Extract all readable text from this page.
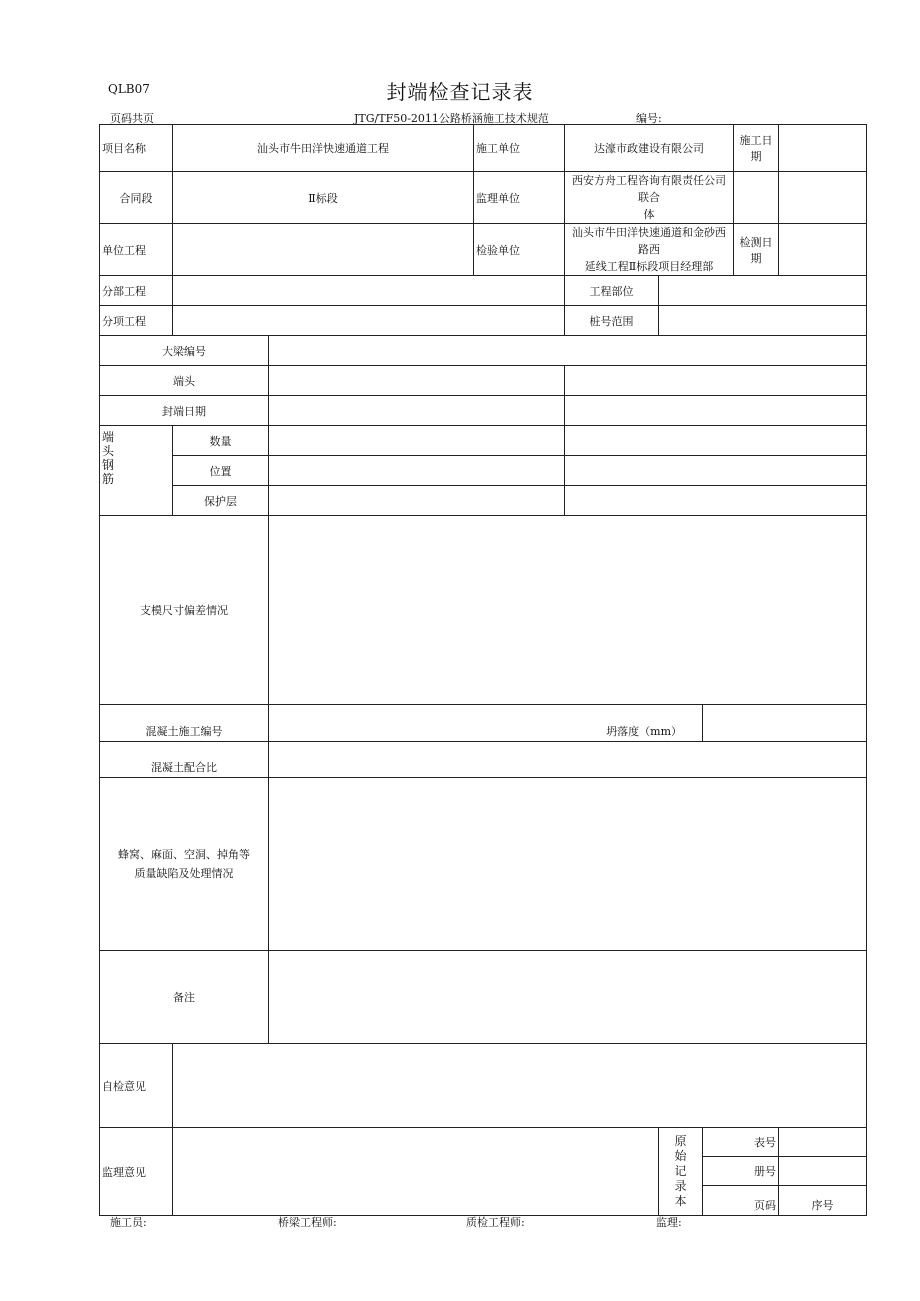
QLB07	封端检查记录表
页码共页	JTG/TF50-2011公路桥涵施工技术规范	编号:
项目名称	汕头市牛田洋快速通道工程		施工单位	达濠市政建设有限公司			施工日期	
合同段	Ⅱ标段		监理单位	西安方舟工程咨询有限责任公司联合
体				
单位工程			检验单位	汕头市牛田洋快速通道和金砂西路西
延线工程Ⅱ标段项目经理部			检测日期	
分部工程				工程部位				
分项工程				桩号范围				
大梁编号								
端头								
封端日期								

端头钢筋	数量							
	位置							
	保护层							
支模尺寸偏差情况								
混凝土施工编号		坍落度（mm）						
混凝土配合比								
蜂窝、麻面、空洞、掉角等
质量缺陷及处理情况								
备注								
自检意见								
监理意见					原始记录本	表号		
						册号		
						页码		序号
施工员:	桥梁工程师:	质检工程师:	监理:
